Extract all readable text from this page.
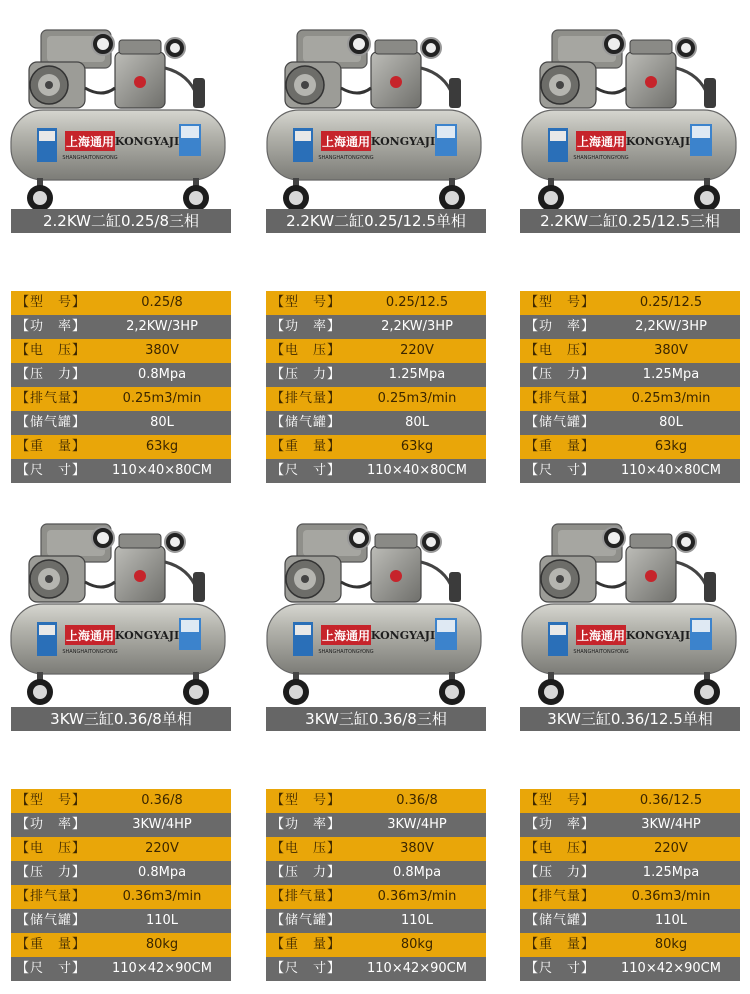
上海通用 KONGYAJI
SHANGHAITONGYONG
2.2KW二缸0.25/8三相
【型　号】	0.25/8
【功　率】	2,2KW/3HP
【电　压】	380V
【压　力】	0.8Mpa
【排气量】	0.25m3/min
【储气罐】	80L
【重　量】	63kg
【尺　寸】	110×40×80CM
上海通用 KONGYAJI
SHANGHAITONGYONG
2.2KW二缸0.25/12.5单相
【型　号】	0.25/12.5
【功　率】	2,2KW/3HP
【电　压】	220V
【压　力】	1.25Mpa
【排气量】	0.25m3/min
【储气罐】	80L
【重　量】	63kg
【尺　寸】	110×40×80CM
上海通用 KONGYAJI
SHANGHAITONGYONG
2.2KW二缸0.25/12.5三相
【型　号】	0.25/12.5
【功　率】	2,2KW/3HP
【电　压】	380V
【压　力】	1.25Mpa
【排气量】	0.25m3/min
【储气罐】	80L
【重　量】	63kg
【尺　寸】	110×40×80CM
上海通用 KONGYAJI
SHANGHAITONGYONG
3KW三缸0.36/8单相
【型　号】	0.36/8
【功　率】	3KW/4HP
【电　压】	220V
【压　力】	0.8Mpa
【排气量】	0.36m3/min
【储气罐】	110L
【重　量】	80kg
【尺　寸】	110×42×90CM
上海通用 KONGYAJI
SHANGHAITONGYONG
3KW三缸0.36/8三相
【型　号】	0.36/8
【功　率】	3KW/4HP
【电　压】	380V
【压　力】	0.8Mpa
【排气量】	0.36m3/min
【储气罐】	110L
【重　量】	80kg
【尺　寸】	110×42×90CM
上海通用 KONGYAJI
SHANGHAITONGYONG
3KW三缸0.36/12.5单相
【型　号】	0.36/12.5
【功　率】	3KW/4HP
【电　压】	220V
【压　力】	1.25Mpa
【排气量】	0.36m3/min
【储气罐】	110L
【重　量】	80kg
【尺　寸】	110×42×90CM
